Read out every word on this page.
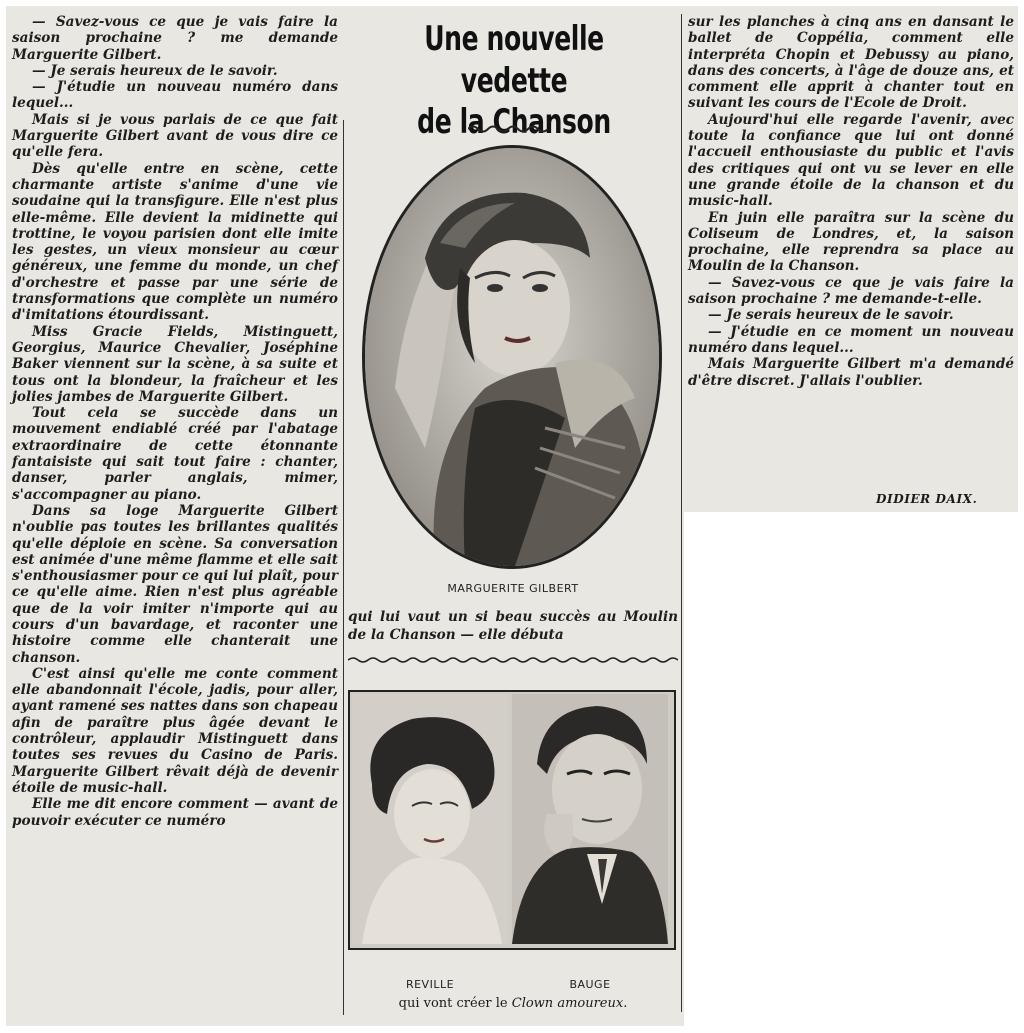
— Savez-vous ce que je vais faire la saison prochaine ? me demande Marguerite Gilbert.

— Je serais heureux de le savoir.

— J'étudie un nouveau numéro dans lequel...

Mais si je vous parlais de ce que fait Marguerite Gilbert avant de vous dire ce qu'elle fera.

Dès qu'elle entre en scène, cette charmante artiste s'anime d'une vie soudaine qui la transfigure. Elle n'est plus elle-même. Elle devient la midinette qui trottine, le voyou parisien dont elle imite les gestes, un vieux monsieur au cœur généreux, une femme du monde, un chef d'orchestre et passe par une série de transformations que complète un numéro d'imitations étourdissant.

Miss Gracie Fields, Mistinguett, Georgius, Maurice Chevalier, Joséphine Baker viennent sur la scène, à sa suite et tous ont la blondeur, la fraîcheur et les jolies jambes de Marguerite Gilbert.

Tout cela se succède dans un mouvement endiablé créé par l'abatage extraordinaire de cette étonnante fantaisiste qui sait tout faire : chanter, danser, parler anglais, mimer, s'accompagner au piano.

Dans sa loge Marguerite Gilbert n'oublie pas toutes les brillantes qualités qu'elle déploie en scène. Sa conversation est animée d'une même flamme et elle sait s'enthousiasmer pour ce qui lui plaît, pour ce qu'elle aime. Rien n'est plus agréable que de la voir imiter n'importe qui au cours d'un bavardage, et raconter une histoire comme elle chanterait une chanson.

C'est ainsi qu'elle me conte comment elle abandonnait l'école, jadis, pour aller, ayant ramené ses nattes dans son chapeau afin de paraître plus âgée devant le contrôleur, applaudir Mistinguett dans toutes ses revues du Casino de Paris. Marguerite Gilbert rêvait déjà de devenir étoile de music-hall.

Elle me dit encore comment — avant de pouvoir exécuter ce numéro

Une nouvelle vedette
de la Chanson
MARGUERITE GILBERT
qui lui vaut un si beau succès au Moulin de la Chanson — elle débuta
REVILLE	BAUGE
qui vont créer le Clown amoureux.

sur les planches à cinq ans en dansant le ballet de Coppélia, comment elle interpréta Chopin et Debussy au piano, dans des concerts, à l'âge de douze ans, et comment elle apprit à chanter tout en suivant les cours de l'Ecole de Droit.

Aujourd'hui elle regarde l'avenir, avec toute la confiance que lui ont donné l'accueil enthousiaste du public et l'avis des critiques qui ont vu se lever en elle une grande étoile de la chanson et du music-hall.

En juin elle paraîtra sur la scène du Coliseum de Londres, et, la saison prochaine, elle reprendra sa place au Moulin de la Chanson.

— Savez-vous ce que je vais faire la saison prochaine ? me demande-t-elle.

— Je serais heureux de le savoir.

— J'étudie en ce moment un nouveau numéro dans lequel...

Mais Marguerite Gilbert m'a demandé d'être discret. J'allais l'oublier.

DIDIER DAIX.
